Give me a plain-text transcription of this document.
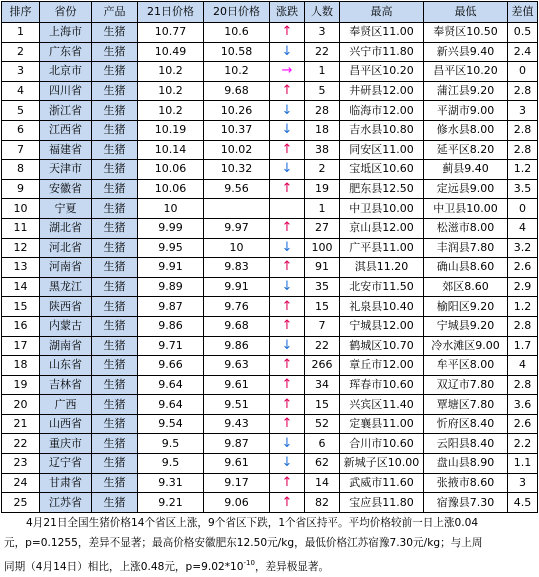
排序	省份	产品	21日价格	20日价格	涨跌	人数	最高	最低	差值
1	上海市	生猪	10.77	10.6	↑	3	奉贤区11.00	奉贤区10.50	0.5
2	广东省	生猪	10.49	10.58	↓	22	兴宁市11.80	新兴县9.40	2.4
3	北京市	生猪	10.2	10.2	→	1	昌平区10.20	昌平区10.20	0
4	四川省	生猪	10.2	9.68	↑	5	井研县12.00	蒲江县9.20	2.8
5	浙江省	生猪	10.2	10.26	↓	28	临海市12.00	平湖市9.00	3
6	江西省	生猪	10.19	10.37	↓	18	吉水县10.80	修水县8.00	2.8
7	福建省	生猪	10.14	10.02	↑	38	同安区11.00	延平区8.20	2.8
8	天津市	生猪	10.06	10.32	↓	2	宝坻区10.60	蓟县9.40	1.2
9	安徽省	生猪	10.06	9.56	↑	19	肥东县12.50	定远县9.00	3.5
10	宁夏	生猪	10			1	中卫县10.00	中卫县10.00	0
11	湖北省	生猪	9.99	9.97	↑	27	京山县12.00	松滋市8.00	4
12	河北省	生猪	9.95	10	↓	100	广平县11.00	丰润县7.80	3.2
13	河南省	生猪	9.91	9.83	↑	91	淇县11.20	确山县8.60	2.6
14	黑龙江	生猪	9.89	9.91	↓	35	北安市11.50	郊区8.60	2.9
15	陕西省	生猪	9.87	9.76	↑	15	礼泉县10.40	榆阳区9.20	1.2
16	内蒙古	生猪	9.86	9.68	↑	7	宁城县12.00	宁城县9.20	2.8
17	湖南省	生猪	9.71	9.86	↓	22	鹤城区10.70	冷水滩区9.00	1.7
18	山东省	生猪	9.66	9.63	↑	266	章丘市12.00	牟平区8.00	4
19	吉林省	生猪	9.64	9.61	↑	34	珲春市10.60	双辽市7.80	2.8
20	广西	生猪	9.64	9.51	↑	15	兴宾区11.40	覃塘区7.80	3.6
21	山西省	生猪	9.54	9.43	↑	52	定襄县11.00	忻府区8.40	2.6
22	重庆市	生猪	9.5	9.87	↓	6	合川市10.60	云阳县8.40	2.2
23	辽宁省	生猪	9.5	9.61	↓	62	新城子区10.00	盘山县8.90	1.1
24	甘肃省	生猪	9.31	9.17	↑	14	武威市11.60	张掖市8.60	3
25	江苏省	生猪	9.21	9.06	↑	82	宝应县11.80	宿豫县7.30	4.5
4月21日全国生猪价格14个省区上涨，9个省区下跌，1个省区持平。平均价格较前一日上涨0.04
元，p=0.1255，差异不显著；最高价格安徽肥东12.50元/kg，最低价格江苏宿豫7.30元/kg；与上周
同期（4月14日）相比，上涨0.48元，$p=9.02*10^{-10}$，差异极显著。
